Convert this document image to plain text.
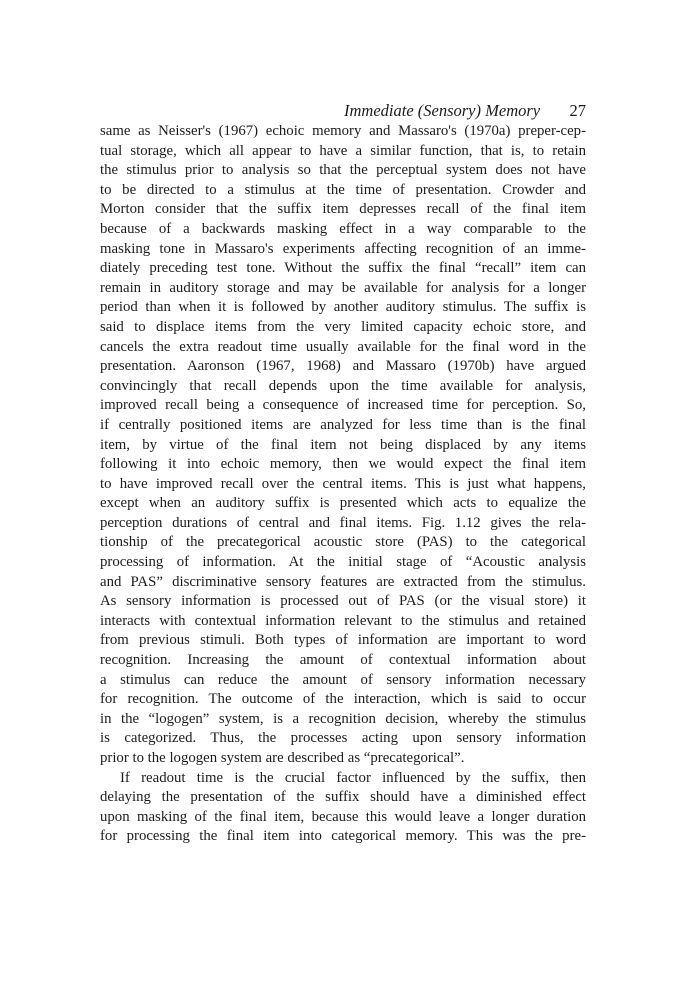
Immediate (Sensory) Memory 27
same as Neisser's (1967) echoic memory and Massaro's (1970a) preper-cep-
tual storage, which all appear to have a similar function, that is, to retain
the stimulus prior to analysis so that the perceptual system does not have
to be directed to a stimulus at the time of presentation. Crowder and
Morton consider that the suffix item depresses recall of the final item
because of a backwards masking effect in a way comparable to the
masking tone in Massaro's experiments affecting recognition of an imme-
diately preceding test tone. Without the suffix the final “recall” item can
remain in auditory storage and may be available for analysis for a longer
period than when it is followed by another auditory stimulus. The suffix is
said to displace items from the very limited capacity echoic store, and
cancels the extra readout time usually available for the final word in the
presentation. Aaronson (1967, 1968) and Massaro (1970b) have argued
convincingly that recall depends upon the time available for analysis,
improved recall being a consequence of increased time for perception. So,
if centrally positioned items are analyzed for less time than is the final
item, by virtue of the final item not being displaced by any items
following it into echoic memory, then we would expect the final item
to have improved recall over the central items. This is just what happens,
except when an auditory suffix is presented which acts to equalize the
perception durations of central and final items. Fig. 1.12 gives the rela-
tionship of the precategorical acoustic store (PAS) to the categorical
processing of information. At the initial stage of “Acoustic analysis
and PAS” discriminative sensory features are extracted from the stimulus.
As sensory information is processed out of PAS (or the visual store) it
interacts with contextual information relevant to the stimulus and retained
from previous stimuli. Both types of information are important to word
recognition. Increasing the amount of contextual information about
a stimulus can reduce the amount of sensory information necessary
for recognition. The outcome of the interaction, which is said to occur
in the “logogen” system, is a recognition decision, whereby the stimulus
is categorized. Thus, the processes acting upon sensory information
prior to the logogen system are described as “precategorical”.
If readout time is the crucial factor influenced by the suffix, then
delaying the presentation of the suffix should have a diminished effect
upon masking of the final item, because this would leave a longer duration
for processing the final item into categorical memory. This was the pre-
